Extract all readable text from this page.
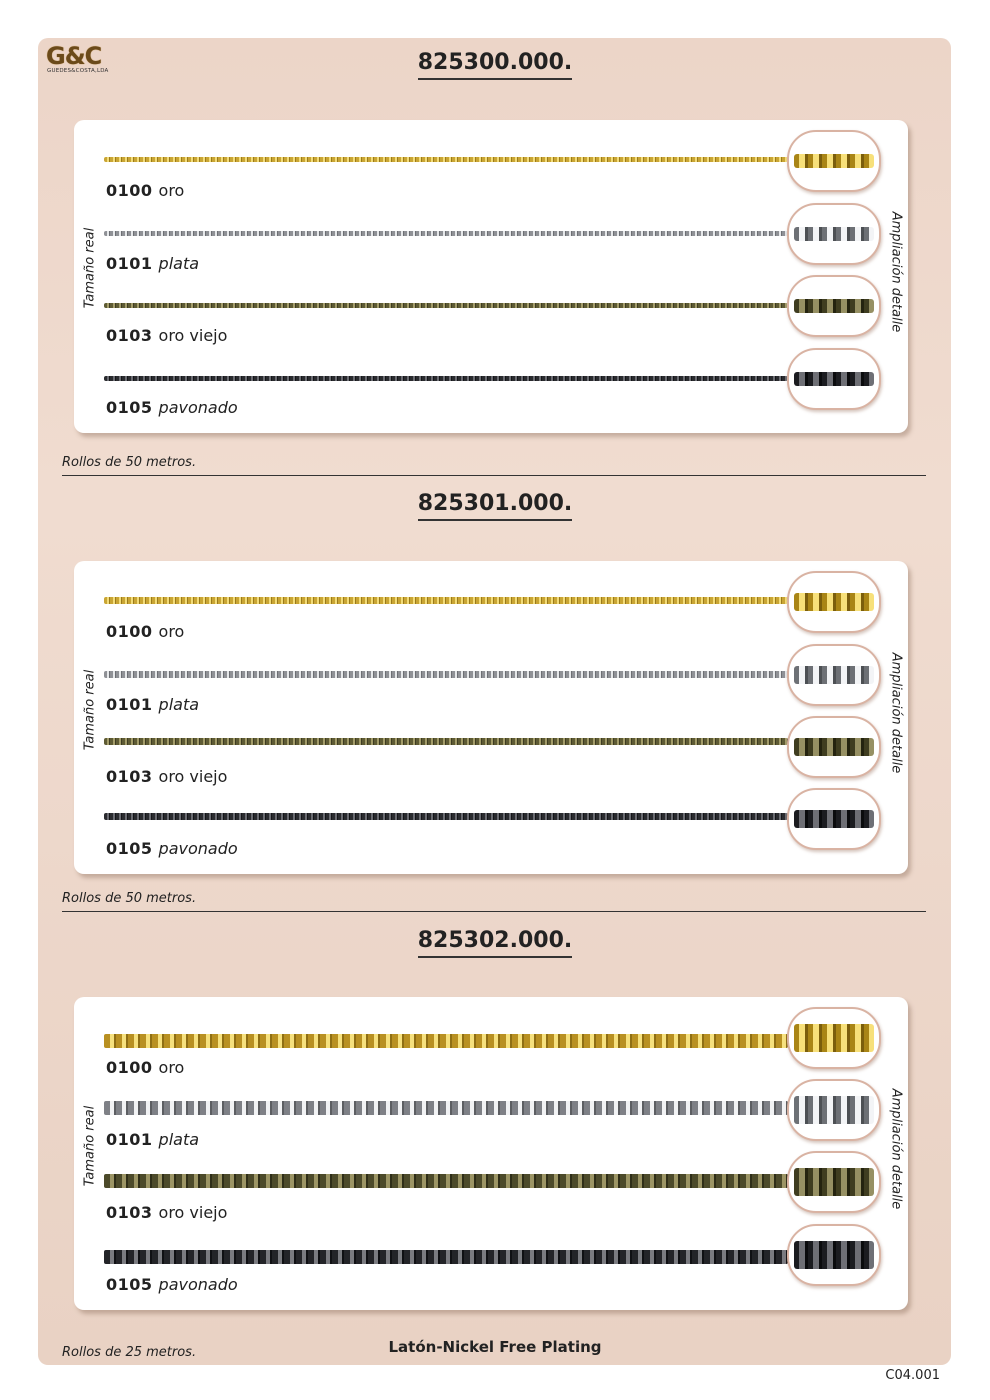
G&C
GUEDES&COSTA,LDA	825300.000.
Tamaño real	Ampliación detalle
0100 oro
0101 plata
0103 oro viejo
0105 pavonado
Rollos de 50 metros.
825301.000.
Tamaño real	Ampliación detalle
0100 oro
0101 plata
0103 oro viejo
0105 pavonado
Rollos de 50 metros.
825302.000.
Tamaño real	Ampliación detalle
0100 oro
0101 plata
0103 oro viejo
0105 pavonado
Rollos de 25 metros.	Latón-Nickel Free Plating
C04.001
